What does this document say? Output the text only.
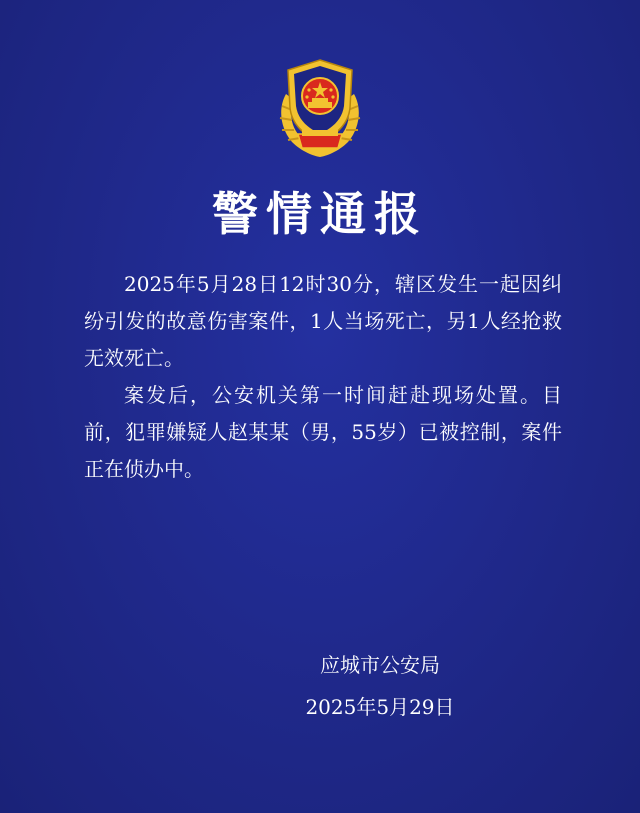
警情通报

2025年5月28日12时30分，辖区发生一起因纠纷引发的故意伤害案件，1人当场死亡，另1人经抢救无效死亡。

案发后，公安机关第一时间赶赴现场处置。目前，犯罪嫌疑人赵某某（男，55岁）已被控制，案件正在侦办中。

应城市公安局
2025年5月29日
